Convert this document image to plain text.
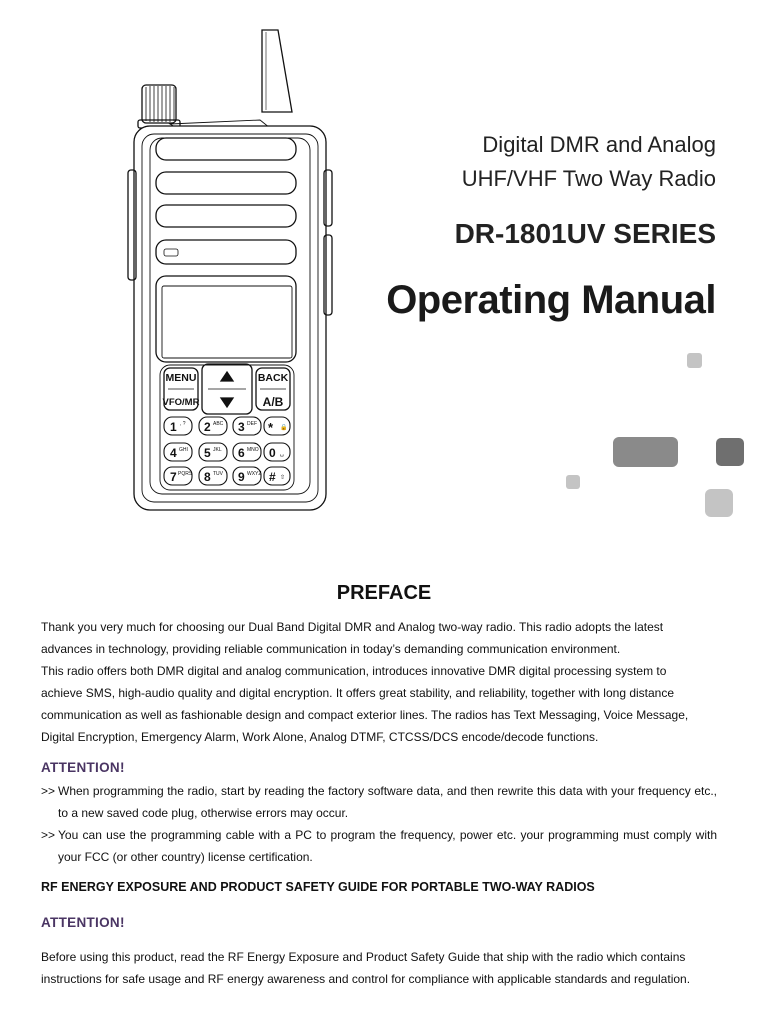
MENU	BACK
VFO/MR	A/B
1 , ? 2 ABC 3 DEF * 🔒
4 GHI 5 JKL 6 MNO 0 ␣
7 PQRS 8 TUV 9 WXYZ # ⇧
Digital DMR and Analog
UHF/VHF Two Way Radio
DR-1801UV SERIES
Operating Manual
PREFACE
Thank you very much for choosing our Dual Band Digital DMR and Analog two-way radio. This radio adopts the latest
advances in technology, providing reliable communication in today’s demanding communication environment.
This radio offers both DMR digital and analog communication, introduces innovative DMR digital processing system to
achieve SMS, high-audio quality and digital encryption. It offers great stability, and reliability, together with long distance
communication as well as fashionable design and compact exterior lines. The radios has Text Messaging, Voice Message,
Digital Encryption, Emergency Alarm, Work Alone, Analog DTMF, CTCSS/DCS encode/decode functions.
ATTENTION!
>> When programming the radio, start by reading the factory software data, and then rewrite this data with your frequency etc., to a new saved code plug, otherwise errors may occur.
>> You can use the programming cable with a PC to program the frequency, power etc. your programming must comply with your FCC (or other country) license certification.
RF ENERGY EXPOSURE AND PRODUCT SAFETY GUIDE FOR PORTABLE TWO-WAY RADIOS
ATTENTION!
Before using this product, read the RF Energy Exposure and Product Safety Guide that ship with the radio which contains
instructions for safe usage and RF energy awareness and control for compliance with applicable standards and regulation.
